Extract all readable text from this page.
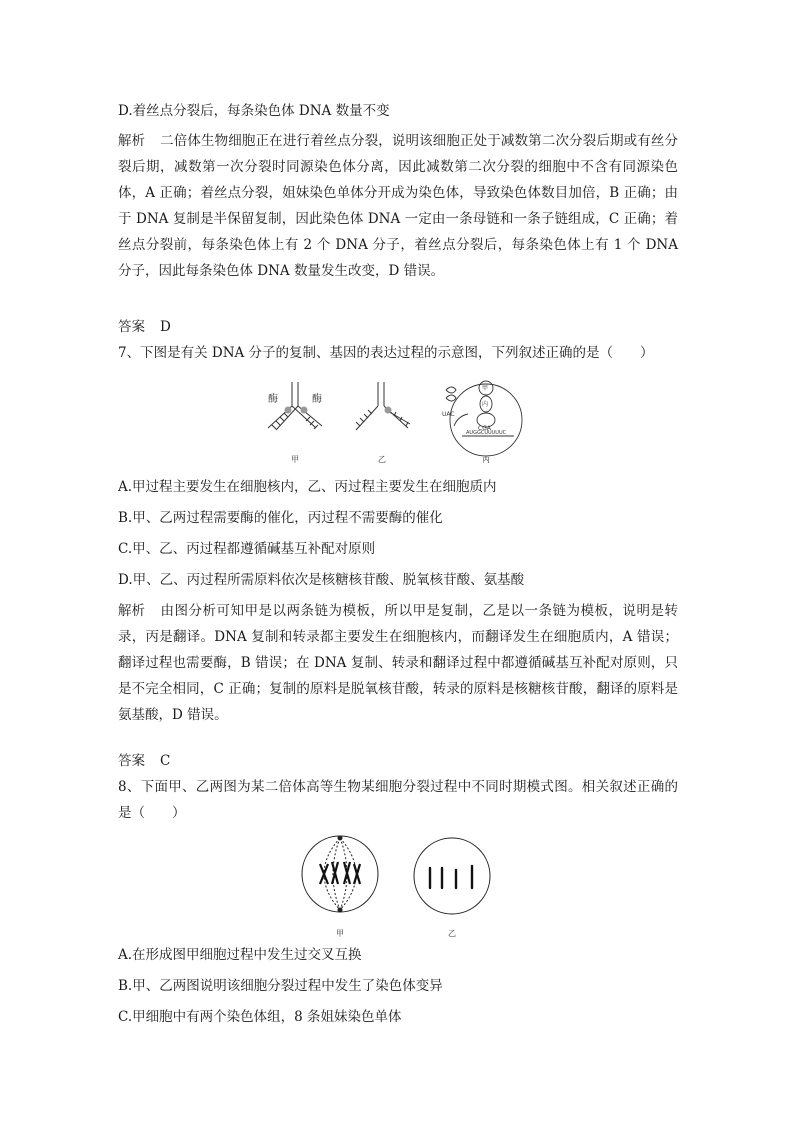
D.着丝点分裂后，每条染色体 DNA 数量不变

解析 二倍体生物细胞正在进行着丝点分裂，说明该细胞正处于减数第二次分裂后期或有丝分裂后期，减数第一次分裂时同源染色体分离，因此减数第二次分裂的细胞中不含有同源染色体，A 正确；着丝点分裂，姐妹染色单体分开成为染色体，导致染色体数目加倍，B 正确；由于 DNA 复制是半保留复制，因此染色体 DNA 一定由一条母链和一条子链组成，C 正确；着丝点分裂前，每条染色体上有 2 个 DNA 分子，着丝点分裂后，每条染色体上有 1 个 DNA 分子，因此每条染色体 DNA 数量发生改变，D 错误。

答案 D

7、下图是有关 DNA 分子的复制、基因的表达过程的示意图，下列叙述正确的是（　　）

酶	酶
甲
内
UAC
CGA
AUGGCUUUUUC
甲	乙	丙

A.甲过程主要发生在细胞核内，乙、丙过程主要发生在细胞质内

B.甲、乙两过程需要酶的催化，丙过程不需要酶的催化

C.甲、乙、丙过程都遵循碱基互补配对原则

D.甲、乙、丙过程所需原料依次是核糖核苷酸、脱氧核苷酸、氨基酸

解析 由图分析可知甲是以两条链为模板，所以甲是复制，乙是以一条链为模板，说明是转录，丙是翻译。DNA 复制和转录都主要发生在细胞核内，而翻译发生在细胞质内，A 错误；翻译过程也需要酶，B 错误；在 DNA 复制、转录和翻译过程中都遵循碱基互补配对原则，只是不完全相同，C 正确；复制的原料是脱氧核苷酸，转录的原料是核糖核苷酸，翻译的原料是氨基酸，D 错误。

答案 C

8、下面甲、乙两图为某二倍体高等生物某细胞分裂过程中不同时期模式图。相关叙述正确的是（　　）

甲	乙

A.在形成图甲细胞过程中发生过交叉互换

B.甲、乙两图说明该细胞分裂过程中发生了染色体变异

C.甲细胞中有两个染色体组，8 条姐妹染色单体
